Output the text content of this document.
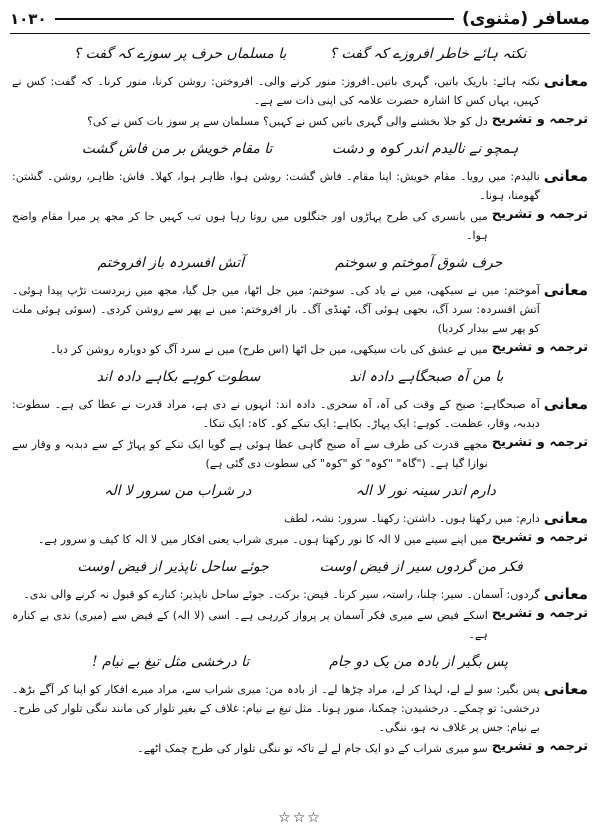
مسافر (مثنوی)
۱۰۳۰
نکتہ ہائے خاطر افروزے کہ گفت ؟
با مسلماں حرف پر سوزے کہ گفت ؟
معانی
نکتہ ہائے: باریک باتیں، گہری باتیں۔افروز: منور کرنے والی۔ افروختن: روشن کرنا، منور کرنا۔ کہ گفت: کس نے کہیں، یہاں کس کا اشارہ حضرت علامہ کی اپنی ذات سے ہے۔
ترجمہ و تشریح
دل کو جلا بخشنے والی گہری باتیں کس نے کہیں؟ مسلمان سے پر سوز بات کس نے کی؟
ہمچو نے نالیدم اندر کوہ و دشت
تا مقام خویش بر من فاش گشت
معانی
نالیدم: میں رویا۔ مقام خویش: اپنا مقام۔ فاش گشت: روشن ہوا، ظاہر ہوا، کھلا۔ فاش: ظاہر، روشن۔ گشتن: گھومنا، ہونا۔
ترجمہ و تشریح
میں بانسری کی طرح پہاڑوں اور جنگلوں میں روتا رہا ہوں تب کہیں جا کر مجھ پر میرا مقام واضح ہوا۔
حرف شوق آموختم و سوختم
آتش افسردہ باز افروختم
معانی
آموختم: میں نے سیکھی، میں نے یاد کی۔ سوختم: میں جل اٹھا، میں جل گیا، مجھ میں زبردست تڑپ پیدا ہوئی۔ آتش افسردہ: سرد آگ، بجھی ہوئی آگ، ٹھنڈی آگ۔ باز افروختم: میں نے پھر سے روشن کردی۔ (سوئی ہوئی ملت کو پھر سے بیدار کردیا)
ترجمہ و تشریح
میں نے عشق کی بات سیکھی، میں جل اٹھا (اس طرح) میں نے سرد آگ کو دوبارہ روشن کر دیا۔
با من آہ صبحگاہے دادہ اند
سطوت کوہے بکاہے دادہ اند
معانی
آہ صبحگاہے: صبح کے وقت کی آہ، آہ سحری۔ دادہ اند: انہوں نے دی ہے، مراد قدرت نے عطا کی ہے۔ سطوت: دبدبہ، وقار، عظمت۔ کوہے: ایک پہاڑ۔ بکاہے: ایک تنکے کو۔ کاہ: ایک تنکا۔
ترجمہ و تشریح
مجھے قدرت کی طرف سے آہ صبح گاہی عطا ہوئی ہے گویا ایک تنکے کو پہاڑ کے سے دبدبہ و وقار سے نوازا گیا ہے۔ ("گاہ" "کوہ" کو "کوہ" کی سطوت دی گئی ہے)
دارم اندر سینہ نور لا الہ
در شراب من سرور لا الہ
معانی
دارم: میں رکھتا ہوں۔ داشتن: رکھنا۔ سرور: نشہ، لطف
ترجمہ و تشریح
میں اپنے سینے میں لا الہ کا نور رکھتا ہوں۔ میری شراب یعنی افکار میں لا الہ کا کیف و سرور ہے۔
فکر من گردوں سیر از فیض اوست
جوئے ساحل ناپذیر از فیض اوست
معانی
گردوں: آسمان۔ سیر: چلنا، راستہ، سیر کرنا۔ فیض: برکت۔ جوئے ساحل ناپذیر: کنارے کو قبول نہ کرنے والی ندی۔
ترجمہ و تشریح
اسکے فیض سے میری فکر آسمان پر پرواز کررہی ہے۔ اسی (لا الہ) کے فیض سے (میری) ندی بے کنارہ ہے۔
پس بگیر از بادہ من یک دو جام
تا درخشی مثل تیغ بے نیام !
معانی
پس بگیر: سو لے لے، لہذا کر لے، مراد چڑھا لے۔ از بادہ من: میری شراب سے، مراد میرے افکار کو اپنا کر آگے بڑھ۔ درخشی: تو چمکے۔ درخشیدن: چمکنا، منور ہونا۔ مثل تیغ بے نیام: غلاف کے بغیر تلوار کی مانند ننگی تلوار کی طرح۔ بے نیام: جس پر غلاف نہ ہو، ننگی۔
ترجمہ و تشریح
سو میری شراب کے دو ایک جام لے لے تاکہ تو ننگی تلوار کی طرح چمک اٹھے۔
☆☆☆
